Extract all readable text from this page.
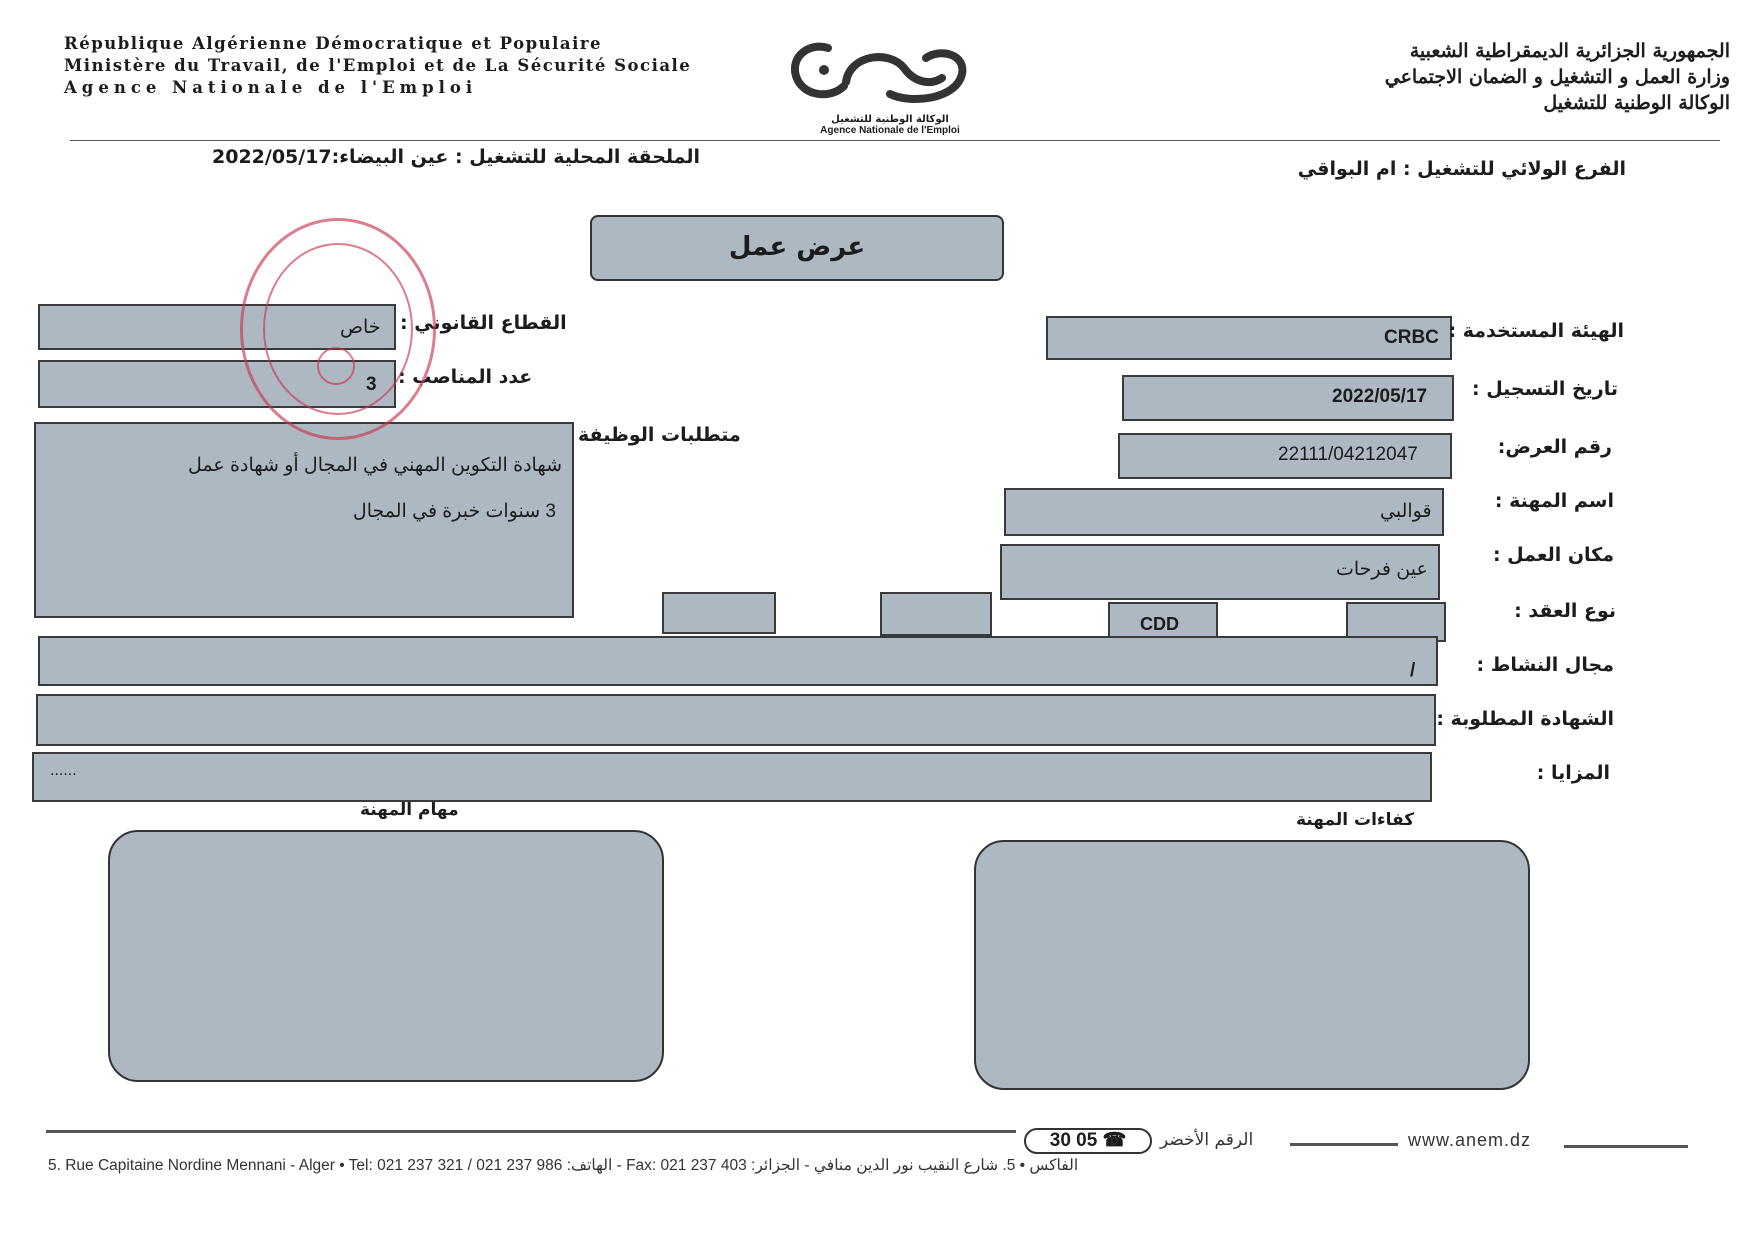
République Algérienne Démocratique et Populaire
Ministère du Travail, de l'Emploi et de La Sécurité Sociale
Agence Nationale de l'Emploi
الوكالة الوطنية للتشغيل
Agence Nationale de l'Emploi
الجمهورية الجزائرية الديمقراطية الشعبية
وزارة العمل و التشغيل و الضمان الاجتماعي
الوكالة الوطنية للتشغيل
الفرع الولائي للتشغيل : ام البواقي
الملحقة المحلية للتشغيل : عين البيضاء:2022/05/17
عرض عمل
CRBC الهيئة المستخدمة :
2022/05/17 تاريخ التسجيل :
22111/04212047	رقم العرض:
قوالبي	اسم المهنة :
عين فرحات
مكان العمل :
CDD
نوع العقد :
/	مجال النشاط :
الشهادة المطلوبة :
......	المزايا :
خاص القطاع القانوني :
3 عدد المناصب :
متطلبات الوظيفة
شهادة التكوين المهني في المجال أو شهادة عمل
3 سنوات خبرة في المجال
مهام المهنة	كفاءات المهنة
30 05 ☎	الرقم الأخضر	www.anem.dz
5. Rue Capitaine Nordine Mennani - Alger • Tel: 021 237 321 / 021 237 986 :الهاتف - Fax: 021 237 403 :الفاكس • 5. شارع النقيب نور الدين منافي - الجزائر
